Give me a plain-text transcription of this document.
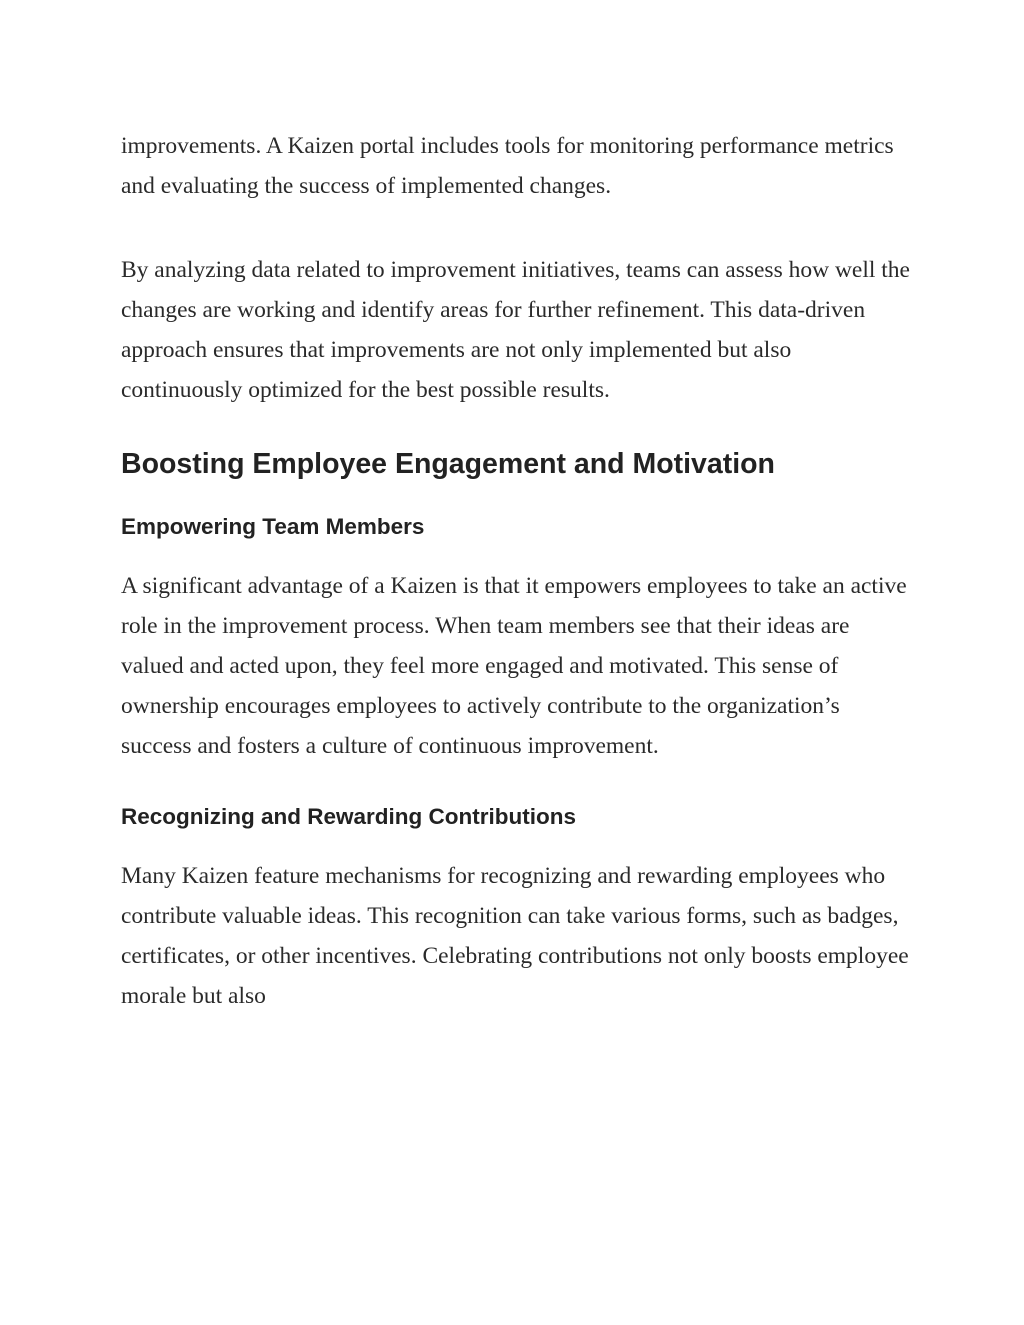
improvements. A Kaizen portal includes tools for monitoring performance metrics and evaluating the success of implemented changes.

By analyzing data related to improvement initiatives, teams can assess how well the changes are working and identify areas for further refinement. This data-driven approach ensures that improvements are not only implemented but also continuously optimized for the best possible results.

Boosting Employee Engagement and Motivation
Empowering Team Members

A significant advantage of a Kaizen is that it empowers employees to take an active role in the improvement process. When team members see that their ideas are valued and acted upon, they feel more engaged and motivated. This sense of ownership encourages employees to actively contribute to the organization’s success and fosters a culture of continuous improvement.

Recognizing and Rewarding Contributions

Many Kaizen feature mechanisms for recognizing and rewarding employees who contribute valuable ideas. This recognition can take various forms, such as badges, certificates, or other incentives. Celebrating contributions not only boosts employee morale but also
